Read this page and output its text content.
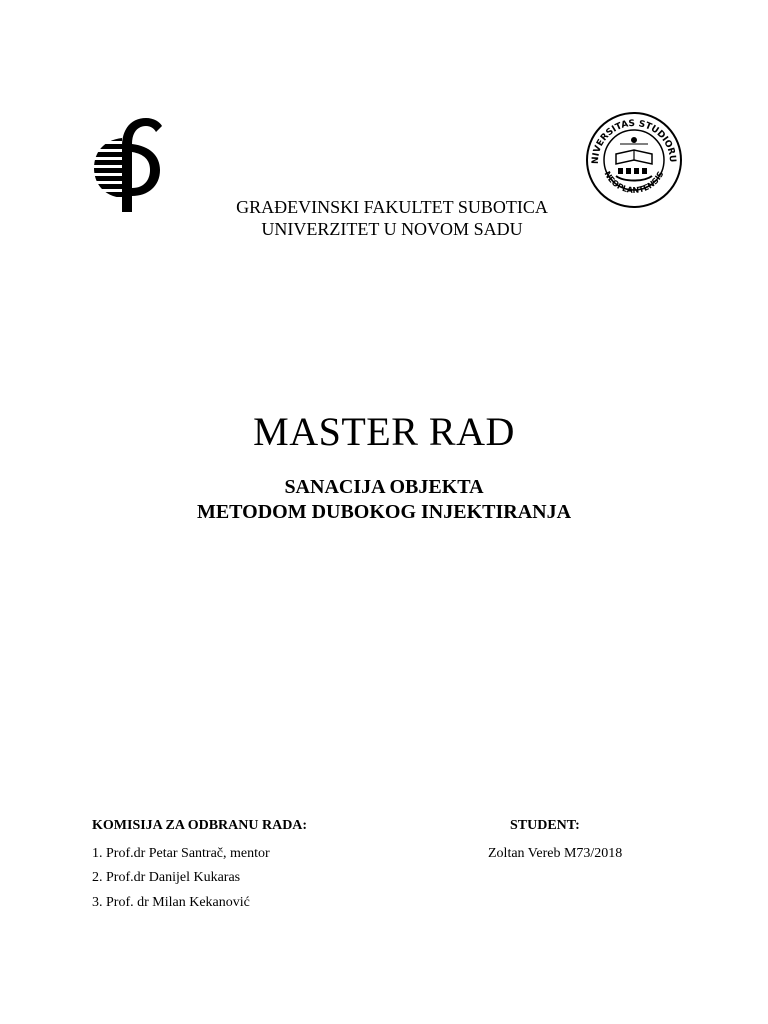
NIVERSITAS STUDIORU
NEOPLANTENSIS
GRAĐEVINSKI FAKULTET SUBOTICA
UNIVERZITET U NOVOM SADU
MASTER RAD
SANACIJA OBJEKTA
METODOM DUBOKOG INJEKTIRANJA
KOMISIJA ZA ODBRANU RADA:
1. Prof.dr Petar Santrač, mentor
2. Prof.dr Danijel Kukaras
3. Prof. dr Milan Kekanović
STUDENT:
Zoltan Vereb M73/2018
